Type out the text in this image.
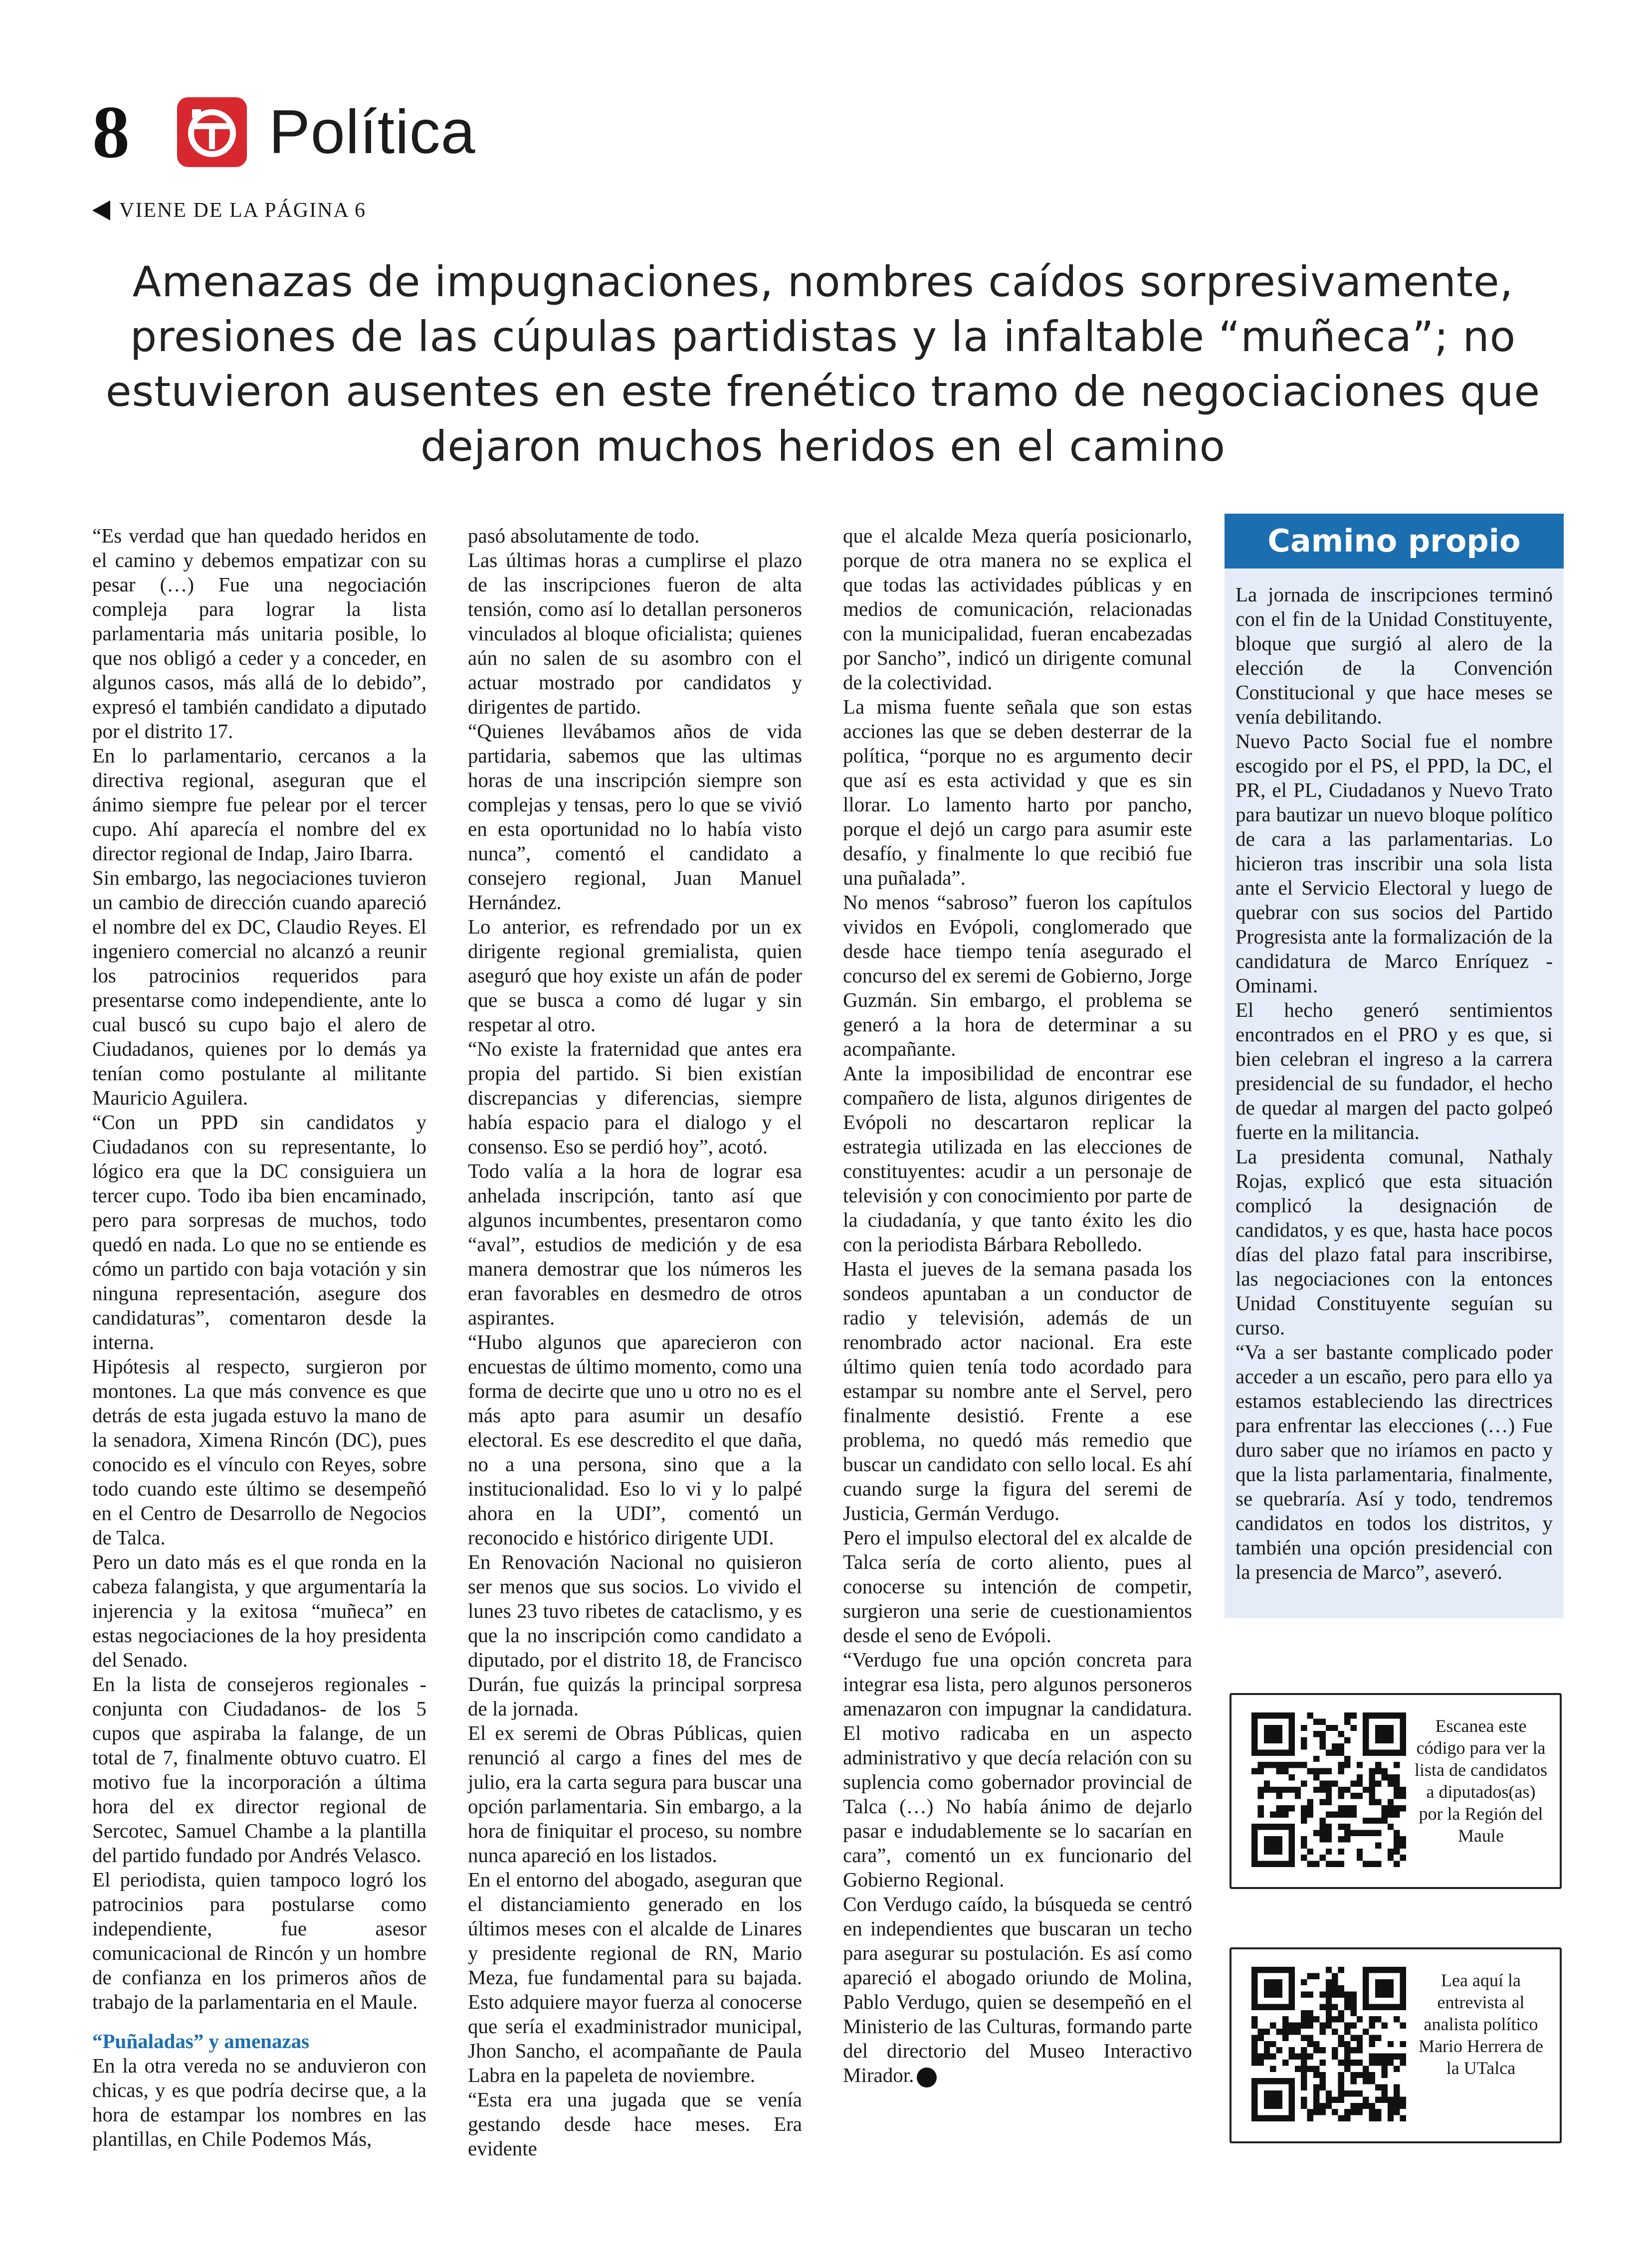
8	Política
VIENE DE LA PÁGINA 6
Amenazas de impugnaciones, nombres caídos sorpresivamente, presiones de las cúpulas partidistas y la infaltable “muñeca”; no estuvieron ausentes en este frenético tramo de negociaciones que dejaron muchos heridos en el camino

“Es verdad que han quedado heridos en el camino y debemos empatizar con su pesar (…) Fue una negociación compleja para lograr la lista parlamentaria más unitaria posible, lo que nos obligó a ceder y a conceder, en algunos casos, más allá de lo debido”, expresó el también candidato a diputado por el distrito 17.

En lo parlamentario, cercanos a la directiva regional, aseguran que el ánimo siempre fue pelear por el tercer cupo. Ahí aparecía el nombre del ex director regional de Indap, Jairo Ibarra.

Sin embargo, las negociaciones tuvieron un cambio de dirección cuando apareció el nombre del ex DC, Claudio Reyes. El ingeniero comercial no alcanzó a reunir los patrocinios requeridos para presentarse como independiente, ante lo cual buscó su cupo bajo el alero de Ciudadanos, quienes por lo demás ya tenían como postulante al militante Mauricio Aguilera.

“Con un PPD sin candidatos y Ciudadanos con su representante, lo lógico era que la DC consiguiera un tercer cupo. Todo iba bien encaminado, pero para sorpresas de muchos, todo quedó en nada. Lo que no se entiende es cómo un partido con baja votación y sin ninguna representación, asegure dos candidaturas”, comentaron desde la interna.

Hipótesis al respecto, surgieron por montones. La que más convence es que detrás de esta jugada estuvo la mano de la senadora, Ximena Rincón (DC), pues conocido es el vínculo con Reyes, sobre todo cuando este último se desempeñó en el Centro de Desarrollo de Negocios de Talca.

Pero un dato más es el que ronda en la cabeza falangista, y que argumentaría la injerencia y la exitosa “muñeca” en estas negociaciones de la hoy presidenta del Senado.

En la lista de consejeros regionales -conjunta con Ciudadanos- de los 5 cupos que aspiraba la falange, de un total de 7, finalmente obtuvo cuatro. El motivo fue la incorporación a última hora del ex director regional de Sercotec, Samuel Chambe a la plantilla del partido fundado por Andrés Velasco.

El periodista, quien tampoco logró los patrocinios para postularse como independiente, fue asesor comunicacional de Rincón y un hombre de confianza en los primeros años de trabajo de la parlamentaria en el Maule.

“Puñaladas” y amenazas

En la otra vereda no se anduvieron con chicas, y es que podría decirse que, a la hora de estampar los nombres en las plantillas, en Chile Podemos Más,

pasó absolutamente de todo.

Las últimas horas a cumplirse el plazo de las inscripciones fueron de alta tensión, como así lo detallan personeros vinculados al bloque oficialista; quienes aún no salen de su asombro con el actuar mostrado por candidatos y dirigentes de partido.

“Quienes llevábamos años de vida partidaria, sabemos que las ultimas horas de una inscripción siempre son complejas y tensas, pero lo que se vivió en esta oportunidad no lo había visto nunca”, comentó el candidato a consejero regional, Juan Manuel Hernández.

Lo anterior, es refrendado por un ex dirigente regional gremialista, quien aseguró que hoy existe un afán de poder que se busca a como dé lugar y sin respetar al otro.

“No existe la fraternidad que antes era propia del partido. Si bien existían discrepancias y diferencias, siempre había espacio para el dialogo y el consenso. Eso se perdió hoy”, acotó.

Todo valía a la hora de lograr esa anhelada inscripción, tanto así que algunos incumbentes, presentaron como “aval”, estudios de medición y de esa manera demostrar que los números les eran favorables en desmedro de otros aspirantes.

“Hubo algunos que aparecieron con encuestas de último momento, como una forma de decirte que uno u otro no es el más apto para asumir un desafío electoral. Es ese descredito el que daña, no a una persona, sino que a la institucionalidad. Eso lo vi y lo palpé ahora en la UDI”, comentó un reconocido e histórico dirigente UDI.

En Renovación Nacional no quisieron ser menos que sus socios. Lo vivido el lunes 23 tuvo ribetes de cataclismo, y es que la no inscripción como candidato a diputado, por el distrito 18, de Francisco Durán, fue quizás la principal sorpresa de la jornada.

El ex seremi de Obras Públicas, quien renunció al cargo a fines del mes de julio, era la carta segura para buscar una opción parlamentaria. Sin embargo, a la hora de finiquitar el proceso, su nombre nunca apareció en los listados.

En el entorno del abogado, aseguran que el distanciamiento generado en los últimos meses con el alcalde de Linares y presidente regional de RN, Mario Meza, fue fundamental para su bajada. Esto adquiere mayor fuerza al conocerse que sería el exadministrador municipal, Jhon Sancho, el acompañante de Paula Labra en la papeleta de noviembre.

“Esta era una jugada que se venía gestando desde hace meses. Era evidente

que el alcalde Meza quería posicionarlo, porque de otra manera no se explica el que todas las actividades públicas y en medios de comunicación, relacionadas con la municipalidad, fueran encabezadas por Sancho”, indicó un dirigente comunal de la colectividad.

La misma fuente señala que son estas acciones las que se deben desterrar de la política, “porque no es argumento decir que así es esta actividad y que es sin llorar. Lo lamento harto por pancho, porque el dejó un cargo para asumir este desafío, y finalmente lo que recibió fue una puñalada”.

No menos “sabroso” fueron los capítulos vividos en Evópoli, conglomerado que desde hace tiempo tenía asegurado el concurso del ex seremi de Gobierno, Jorge Guzmán. Sin embargo, el problema se generó a la hora de determinar a su acompañante.

Ante la imposibilidad de encontrar ese compañero de lista, algunos dirigentes de Evópoli no descartaron replicar la estrategia utilizada en las elecciones de constituyentes: acudir a un personaje de televisión y con conocimiento por parte de la ciudadanía, y que tanto éxito les dio con la periodista Bárbara Rebolledo.

Hasta el jueves de la semana pasada los sondeos apuntaban a un conductor de radio y televisión, además de un renombrado actor nacional. Era este último quien tenía todo acordado para estampar su nombre ante el Servel, pero finalmente desistió. Frente a ese problema, no quedó más remedio que buscar un candidato con sello local. Es ahí cuando surge la figura del seremi de Justicia, Germán Verdugo.

Pero el impulso electoral del ex alcalde de Talca sería de corto aliento, pues al conocerse su intención de competir, surgieron una serie de cuestionamientos desde el seno de Evópoli.

“Verdugo fue una opción concreta para integrar esa lista, pero algunos personeros amenazaron con impugnar la candidatura. El motivo radicaba en un aspecto administrativo y que decía relación con su suplencia como gobernador provincial de Talca (…) No había ánimo de dejarlo pasar e indudablemente se lo sacarían en cara”, comentó un ex funcionario del Gobierno Regional.

Con Verdugo caído, la búsqueda se centró en independientes que buscaran un techo para asegurar su postulación. Es así como apareció el abogado oriundo de Molina, Pablo Verdugo, quien se desempeñó en el Ministerio de las Culturas, formando parte del directorio del Museo Interactivo Mirador.

Camino propio

La jornada de inscripciones terminó con el fin de la Unidad Constituyente, bloque que surgió al alero de la elección de la Convención Constitucional y que hace meses se venía debilitando.

Nuevo Pacto Social fue el nombre escogido por el PS, el PPD, la DC, el PR, el PL, Ciudadanos y Nuevo Trato para bautizar un nuevo bloque político de cara a las parlamentarias. Lo hicieron tras inscribir una sola lista ante el Servicio Electoral y luego de quebrar con sus socios del Partido Progresista ante la formalización de la candidatura de Marco Enríquez - Ominami.

El hecho generó sentimientos encontrados en el PRO y es que, si bien celebran el ingreso a la carrera presidencial de su fundador, el hecho de quedar al margen del pacto golpeó fuerte en la militancia.

La presidenta comunal, Nathaly Rojas, explicó que esta situación complicó la designación de candidatos, y es que, hasta hace pocos días del plazo fatal para inscribirse, las negociaciones con la entonces Unidad Constituyente seguían su curso.

“Va a ser bastante complicado poder acceder a un escaño, pero para ello ya estamos estableciendo las directrices para enfrentar las elecciones (…) Fue duro saber que no iríamos en pacto y que la lista parlamentaria, finalmente, se quebraría. Así y todo, tendremos candidatos en todos los distritos, y también una opción presidencial con la presencia de Marco”, aseveró.

Escanea este código para ver la lista de candidatos a diputados(as) por la Región del Maule
Lea aquí la entrevista al analista político Mario Herrera de la UTalca
